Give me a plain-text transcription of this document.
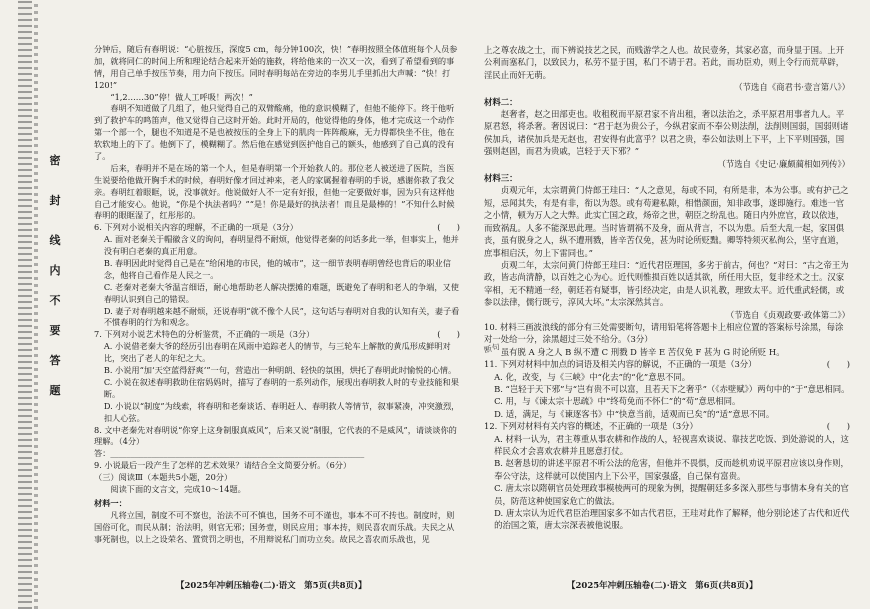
密
封
线
内
不
要
答
题

分钟后，随后有春明说：“心脏按压，深度5 cm，每分钟100次，快！”春明按照全体值班每个人员参加，就将同仁的时间上所和理论结合起来开始的施救，将给他来的一次又一次，看到了希望看到的事情，用自己单手按压节奏，用力向下按压。同时春明每站在旁边的李男儿手里抓出大声喊：“快！打120!”

“1,2……30”停！做人工呼吸！两次！”

春明不知道做了几组了，他只觉得自己的双臂酸痛，他的意识模糊了，但他不能停下。终于他听到了救护车的鸣笛声，他又觉得自己这时开始。此时开局的，他觉得他的身体，他才完成这一个动作第一个部一个，腿也不知道是不是也被按压的全身上下的肌肉一阵阵酸麻，无力得都快坐不住，他在软软地上的下了。他倒下了，模糊糊了。然后他在感觉到医护他自己的额头，他感到了自己真的没有了。

后来，春明并不是在场的第一个人，但是春明第一个开始救人的。那位老人被送进了医院，当医生说要给他做开胸手术的时候，春明好像才回过神来，老人的家属握着春明的手说，感谢你救了我父亲。春明红着眼眶，说，没事就好。他说做好人不一定有好报，但他一定要做好事，因为只有这样他自己才能安心。他说，“你是个执法者吗？”“是！你是最好的执法者！而且是最棒的！”不知什么时候春明的眼眶湿了，红彤彤的。

6. 下列对小说相关内容的理解，不正确的一项是（3分）	(　　)

A. 面对老秦关于帽徽含义的询问，春明显得不耐烦，他觉得老秦的问话多此一举，但事实上，他并没有明白老秦的真正用意。

B. 春明因此时觉得自己是在“给闲地的市民，他的城市”，这一细节表明春明曾经也背后的职业信念，他将自己看作是人民之一。

C. 老秦对老秦大爷温言细语，耐心地帮助老人解决摆摊的难题，既避免了春明和老人的争端，又使春明认识到自己的错误。

D. 妻子对春明越来越不耐烦，还说春明“就不像个人民”，这句话与春明对自我的认知有关，妻子看不惯春明的行为和观念。

7. 下列对小说艺术特色的分析鉴赏，不正确的一项是（3分）	(　　)

A. 小说借老秦大爷的经历引出春明在风雨中追踪老人的情节，与三轮车上解散的黄瓜形成鲜明对比，突出了老人的年纪之大。

B. 小说用“加‘天空蓝得舒爽’”一句，营造出一种明朗、轻快的氛围，烘托了春明此时愉悦的心情。

C. 小说在叙述春明救助住宿妈妈时，描写了春明的一系列动作，展现出春明救人时的专业技能和果断。

D. 小说以“制度”为线索，将春明和老秦谈话、春明赶人、春明救人等情节，叙事紧凑，冲突激烈，扣人心弦。

8. 文中老秦先对春明说“你穿上这身制服真威风”，后来又说“制服，它代表的不是威风”，请谈谈你的理解。（4分）

答：______________________________________________________________

9. 小说最后一段产生了怎样的艺术效果？请结合全文简要分析。（6分）

（三）阅读Ⅲ（本题共5小题，20分）

阅读下面的文言文，完成10～14题。

材料一：

凡将立国，制度不可不察也，治法不可不慎也，国务不可不谨也，事本不可不抟也。制度时，则国俗可化，而民从制；治法明，则官无邪；国务壹，则民应用；事本抟，则民喜农而乐战。夫民之从事死制也，以上之设荣名、置赏罚之明也，不用辩说私门而功立矣。故民之喜农而乐战也，见

上之尊农战之士，而下辨说技艺之民，而贱游学之人也。故民壹务，其家必富，而身显于国。上开公利而塞私门，以致民力，私劳不显于国，私门不请于君。若此，而功臣劝，则上令行而荒草辟，淫民止而奸无萌。

（节选自《商君书·壹言第八》）

材料二：

赵奢者，赵之田部吏也。收租税而平原君家不肯出租，奢以法治之，杀平原君用事者九人。平原君怒，将杀奢。奢因说曰：“君于赵为贵公子，今纵君家而不奉公则法削，法削则国弱，国弱则诸侯加兵，诸侯加兵是无赵也，君安得有此富乎？以君之贵，奉公如法则上下平，上下平则国强，国强则赵固，而君为贵戚，岂轻于天下邪？”

（节选自《史记·廉颇蔺相如列传》）

材料三：

贞观元年，太宗谓黄门侍郎王珪曰：“人之意见，每或不同，有所是非，本为公事。或有护己之短，忌闻其失，有是有非，衔以为怨。或有苟避私隙，相惜颜面，知非政事，遂即施行。难违一官之小情，顿为万人之大弊。此实亡国之政，炀帝之世，朝臣之纷乱也。随日内外庶官，政以依违，而致祸乱。人多不能深思此理。当时皆谓祸不及身，面从背言，不以为患。后至大乱一起，家国俱丧，虽有脱身之人，纵不遭刑戮，皆辛苦仅免，甚为时论所贬黜。卿等特须灭私徇公，坚守直道，庶事相启沃，勿上下雷同也。”

贞观二年，太宗问黄门侍郎王珪曰：“近代君臣理国，多劣于前古，何也？”对曰：“古之帝王为政，皆志尚清静，以百姓之心为心。近代则惟损百姓以适其欲，所任用大臣，复非经术之士。汉家宰相，无不精通一经，朝廷若有疑事，皆引经决定，由是人识礼教，理致太平。近代重武轻儒，或参以法律，儒行既亏，淳风大坏。”太宗深然其言。

（节选自《贞观政要·政体第二》）

10. 材料三画波浪线的部分有三处需要断句，请用铅笔将答题卡上相应位置的答案标号涂黑，每涂对一处给一分，涂黑超过三处不给分。（3分）

虽有脱 A 身之人 B 纵不遭 C 刑戮 D 皆辛 E 苦仅免 F 甚为 G 时论所贬 H。

11. 下列对材料中加点的词语及相关内容的解说，不正确的一项是（3分）	(　　)

A. 化，改变，与《三峡》中“化去”的“化”意思不同。

B. “岂轻于天下邪”与“岂有贵不可以富，且若天下之奢乎”（《赤壁赋》）两句中的“于”意思相同。

C. 用，与《谏太宗十思疏》中“终苟免而不怀仁”的“苟”意思相同。

D. 适，满足，与《谏逐客书》中“快意当前，适观而已矣”的“适”意思不同。

12. 下列对材料有关内容的概述，不正确的一项是（3分）	(　　)

A. 材料一认为，君主尊重从事农耕和作战的人，轻视喜欢谈说、靠技艺吃饭、到处游说的人，这样民众才会喜欢农耕并且愿意打仗。

B. 赵奢恳切的讲述平原君不听公法的危害，但他并不畏惧，反而趁机劝说平原君应该以身作则，奉公守法，这样就可以使国内上下公平，国家强盛，自己保有富贵。

C. 唐太宗以隋朝官员处理政事模棱两可的现象为例，提醒朝廷多多深入那些与事情本身有关的官员，防范这种使国家危亡的做法。

D. 唐太宗认为近代君臣治理国家多不如古代君臣，王珪对此作了解释，他分别论述了古代和近代的治国之策，唐太宗深表被他说服。

断句
【2025年冲刺压轴卷(二)·语文　第5页(共8页)】	【2025年冲刺压轴卷(二)·语文　第6页(共8页)】
